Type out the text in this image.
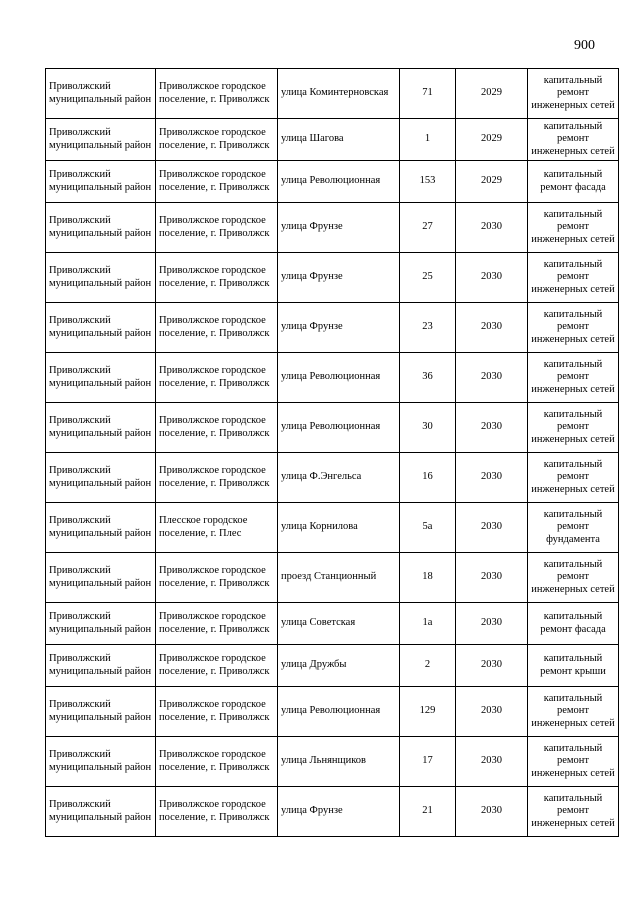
900
Приволжский муниципальный район	Приволжское городское поселение, г. Приволжск	улица Коминтерновская	71	2029	капитальный ремонт инженерных сетей
Приволжский муниципальный район	Приволжское городское поселение, г. Приволжск	улица Шагова	1	2029	капитальный ремонт инженерных сетей
Приволжский муниципальный район	Приволжское городское поселение, г. Приволжск	улица Революционная	153	2029	капитальный ремонт фасада
Приволжский муниципальный район	Приволжское городское поселение, г. Приволжск	улица Фрунзе	27	2030	капитальный ремонт инженерных сетей
Приволжский муниципальный район	Приволжское городское поселение, г. Приволжск	улица Фрунзе	25	2030	капитальный ремонт инженерных сетей
Приволжский муниципальный район	Приволжское городское поселение, г. Приволжск	улица Фрунзе	23	2030	капитальный ремонт инженерных сетей
Приволжский муниципальный район	Приволжское городское поселение, г. Приволжск	улица Революционная	36	2030	капитальный ремонт инженерных сетей
Приволжский муниципальный район	Приволжское городское поселение, г. Приволжск	улица Революционная	30	2030	капитальный ремонт инженерных сетей
Приволжский муниципальный район	Приволжское городское поселение, г. Приволжск	улица Ф.Энгельса	16	2030	капитальный ремонт инженерных сетей
Приволжский муниципальный район	Плесское городское поселение, г. Плес	улица Корнилова	5а	2030	капитальный ремонт фундамента
Приволжский муниципальный район	Приволжское городское поселение, г. Приволжск	проезд Станционный	18	2030	капитальный ремонт инженерных сетей
Приволжский муниципальный район	Приволжское городское поселение, г. Приволжск	улица Советская	1а	2030	капитальный ремонт фасада
Приволжский муниципальный район	Приволжское городское поселение, г. Приволжск	улица Дружбы	2	2030	капитальный ремонт крыши
Приволжский муниципальный район	Приволжское городское поселение, г. Приволжск	улица Революционная	129	2030	капитальный ремонт инженерных сетей
Приволжский муниципальный район	Приволжское городское поселение, г. Приволжск	улица Льнянщиков	17	2030	капитальный ремонт инженерных сетей
Приволжский муниципальный район	Приволжское городское поселение, г. Приволжск	улица Фрунзе	21	2030	капитальный ремонт инженерных сетей
